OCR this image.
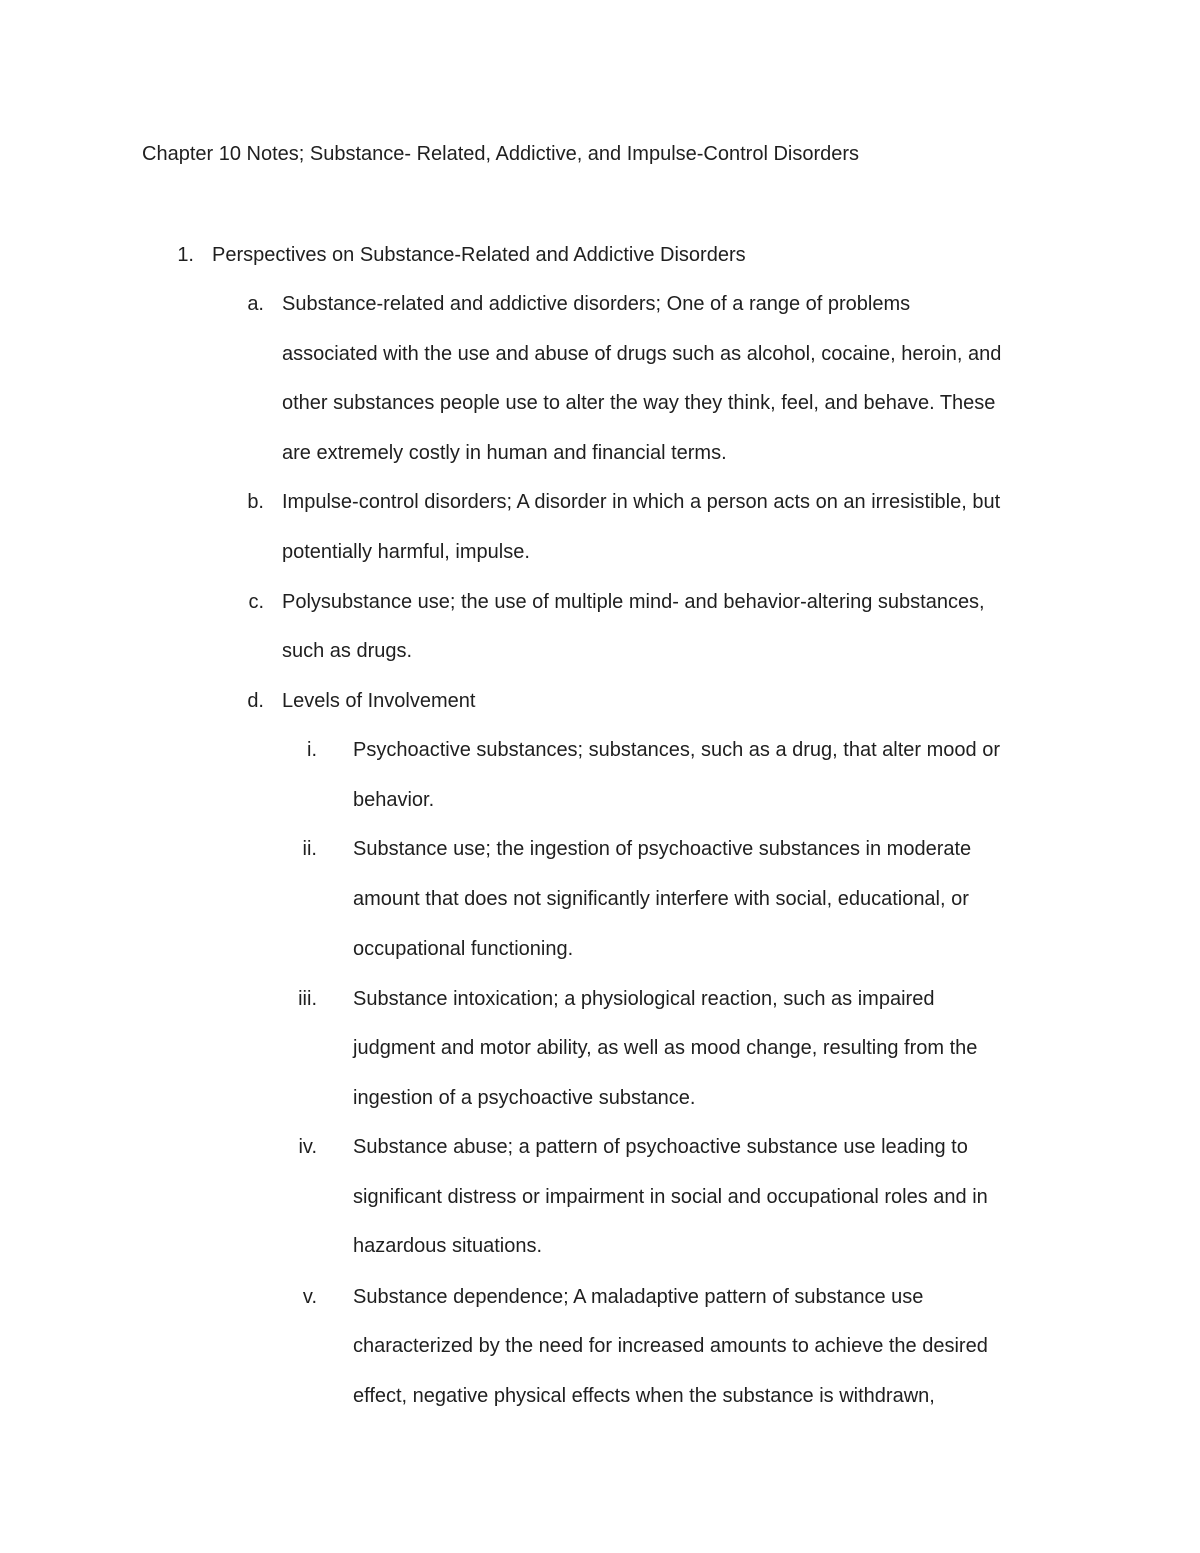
Chapter 10 Notes; Substance- Related, Addictive, and Impulse-Control Disorders
1. Perspectives on Substance-Related and Addictive Disorders
a. Substance-related and addictive disorders; One of a range of problems
associated with the use and abuse of drugs such as alcohol, cocaine, heroin, and
other substances people use to alter the way they think, feel, and behave. These
are extremely costly in human and financial terms.
b. Impulse-control disorders; A disorder in which a person acts on an irresistible, but
potentially harmful, impulse.
c. Polysubstance use; the use of multiple mind- and behavior-altering substances,
such as drugs.
d. Levels of Involvement
i. Psychoactive substances; substances, such as a drug, that alter mood or
behavior.
ii. Substance use; the ingestion of psychoactive substances in moderate
amount that does not significantly interfere with social, educational, or
occupational functioning.
iii. Substance intoxication; a physiological reaction, such as impaired
judgment and motor ability, as well as mood change, resulting from the
ingestion of a psychoactive substance.
iv. Substance abuse; a pattern of psychoactive substance use leading to
significant distress or impairment in social and occupational roles and in
hazardous situations.
v. Substance dependence; A maladaptive pattern of substance use
characterized by the need for increased amounts to achieve the desired
effect, negative physical effects when the substance is withdrawn,
